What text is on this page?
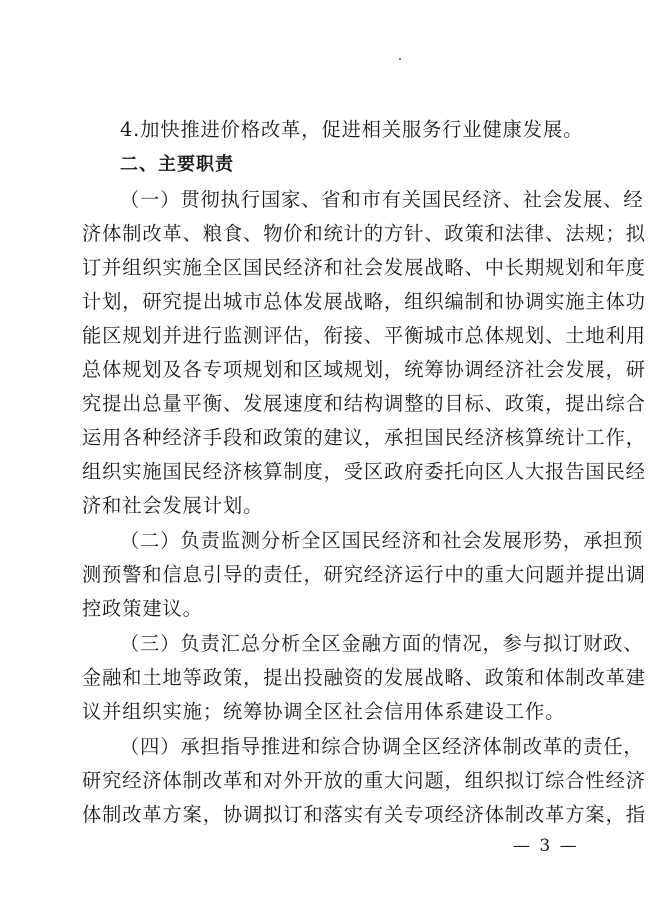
4.加快推进价格改革，促进相关服务行业健康发展。
二、主要职责
（一）贯彻执行国家、省和市有关国民经济、社会发展、经
济体制改革、粮食、物价和统计的方针、政策和法律、法规；拟
订并组织实施全区国民经济和社会发展战略、中长期规划和年度
计划，研究提出城市总体发展战略，组织编制和协调实施主体功
能区规划并进行监测评估，衔接、平衡城市总体规划、土地利用
总体规划及各专项规划和区域规划，统筹协调经济社会发展，研
究提出总量平衡、发展速度和结构调整的目标、政策，提出综合
运用各种经济手段和政策的建议，承担国民经济核算统计工作，
组织实施国民经济核算制度，受区政府委托向区人大报告国民经
济和社会发展计划。
（二）负责监测分析全区国民经济和社会发展形势，承担预
测预警和信息引导的责任，研究经济运行中的重大问题并提出调
控政策建议。
（三）负责汇总分析全区金融方面的情况，参与拟订财政、
金融和土地等政策，提出投融资的发展战略、政策和体制改革建
议并组织实施；统筹协调全区社会信用体系建设工作。
（四）承担指导推进和综合协调全区经济体制改革的责任，
研究经济体制改革和对外开放的重大问题，组织拟订综合性经济
体制改革方案，协调拟订和落实有关专项经济体制改革方案，指
— 3 —
